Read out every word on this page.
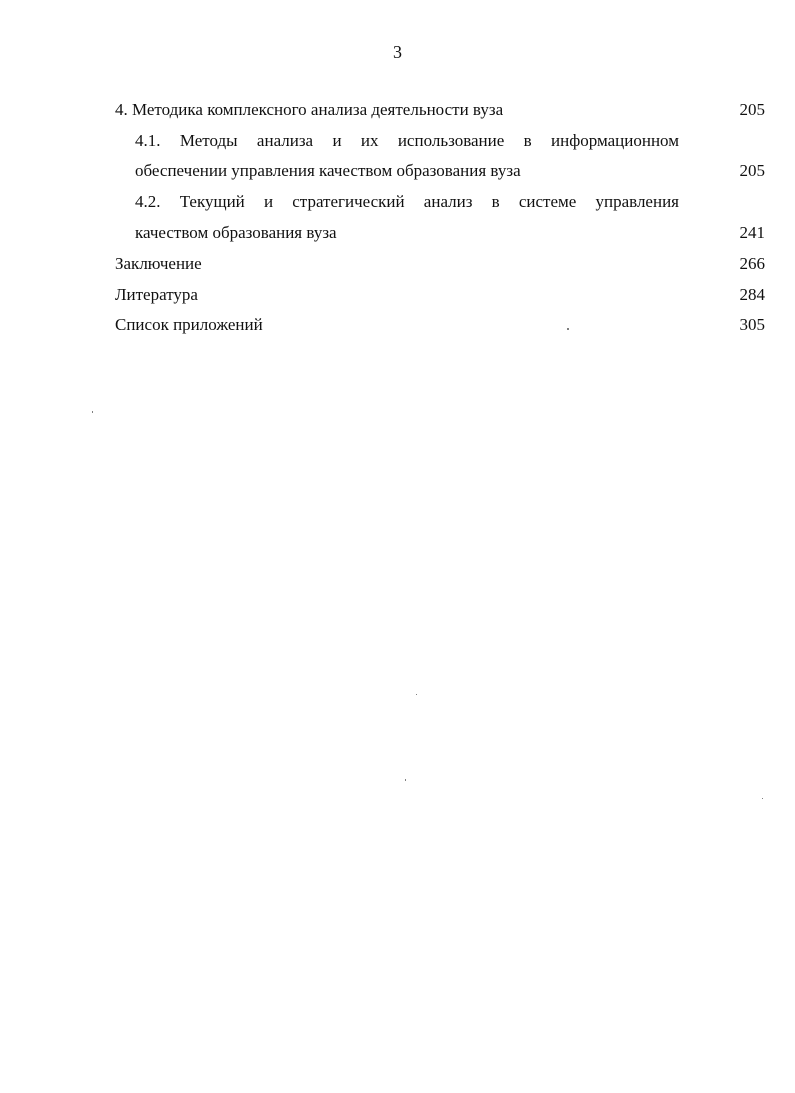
3
4. Методика комплексного анализа деятельности вуза	205
4.1. Методы анализа и их использование в информационном
обеспечении управления качеством образования вуза	205
4.2. Текущий и стратегический анализ в системе управления
качеством образования вуза	241
Заключение	266
Литература	284
Список приложений	305
